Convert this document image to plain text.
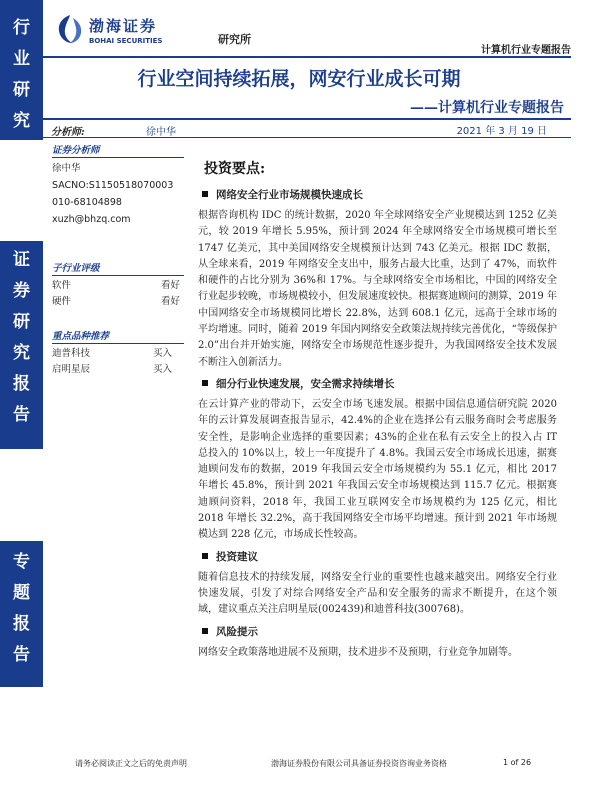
行
业
研
究
证
券
研
究
报
告
专
题
报
告
渤海证券
BOHAI SECURITIES	研究所
计算机行业专题报告
行业空间持续拓展，网安行业成长可期
——计算机行业专题报告
分析师:	徐中华	2021 年 3 月 19 日
证券分析师
徐中华
SACNO:S1150518070003
010-68104898
xuzh@bhzq.com
子行业评级
软件	看好
硬件	看好
重点品种推荐
迪普科技	买入
启明星辰	买入
投资要点:
网络安全行业市场规模快速成长
根据咨询机构 IDC 的统计数据，2020 年全球网络安全产业规模达到 1252 亿美元，较 2019 年增长 5.95%，预计到 2024 年全球网络安全市场规模可增长至 1747 亿美元，其中美国网络安全规模预计达到 743 亿美元。根据 IDC 数据，从全球来看，2019 年网络安全支出中，服务占最大比重，达到了 47%，而软件和硬件的占比分别为 36%和 17%。与全球网络安全市场相比，中国的网络安全行业起步较晚，市场规模较小，但发展速度较快。根据赛迪顾问的测算，2019 年中国网络安全市场规模同比增长 22.8%，达到 608.1 亿元，远高于全球市场的平均增速。同时，随着 2019 年国内网络安全政策法规持续完善优化，“等级保护 2.0”出台并开始实施，网络安全市场规范性逐步提升，为我国网络安全技术发展不断注入创新活力。
细分行业快速发展，安全需求持续增长
在云计算产业的带动下，云安全市场飞速发展。根据中国信息通信研究院 2020 年的云计算发展调查报告显示，42.4%的企业在选择公有云服务商时会考虑服务安全性，是影响企业选择的重要因素；43%的企业在私有云安全上的投入占 IT 总投入的 10%以上，较上一年度提升了 4.8%。我国云安全市场成长迅速，据赛迪顾问发布的数据，2019 年我国云安全市场规模约为 55.1 亿元，相比 2017 年增长 45.8%，预计到 2021 年我国云安全市场规模达到 115.7 亿元。根据赛迪顾问资料，2018 年，我国工业互联网安全市场规模约为 125 亿元，相比 2018 年增长 32.2%，高于我国网络安全市场平均增速。预计到 2021 年市场规模达到 228 亿元，市场成长性较高。
投资建议
随着信息技术的持续发展，网络安全行业的重要性也越来越突出。网络安全行业快速发展，引发了对综合网络安全产品和安全服务的需求不断提升，在这个领域，建议重点关注启明星辰(002439)和迪普科技(300768)。
风险提示
网络安全政策落地进展不及预期，技术进步不及预期，行业竞争加剧等。
请务必阅读正文之后的免责声明	渤海证券股份有限公司具备证券投资咨询业务资格	1 of 26
